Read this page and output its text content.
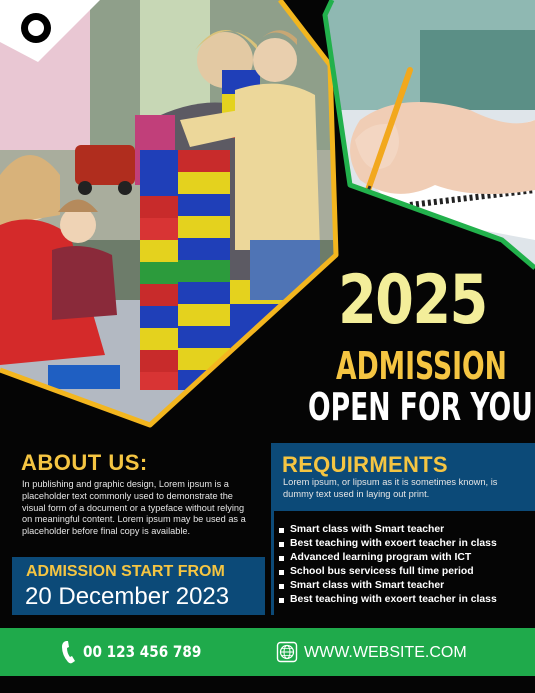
2025
ADMISSION
OPEN FOR YOU
ABOUT US:
In publishing and graphic design, Lorem ipsum is a placeholder text commonly used to demonstrate the visual form of a document or a typeface without relying on meaningful content. Lorem ipsum may be used as a placeholder before final copy is available.
ADMISSION START FROM
20 December 2023
REQUIRMENTS
Lorem ipsum, or lipsum as it is sometimes known, is dummy text used in laying out print.
Smart class with Smart teacher
Best teaching with exoert teacher in class
Advanced learning program with ICT
School bus servicess full time period
Smart class with Smart teacher
Best teaching with exoert teacher in class
00 123 456 789	WWW.WEBSITE.COM
